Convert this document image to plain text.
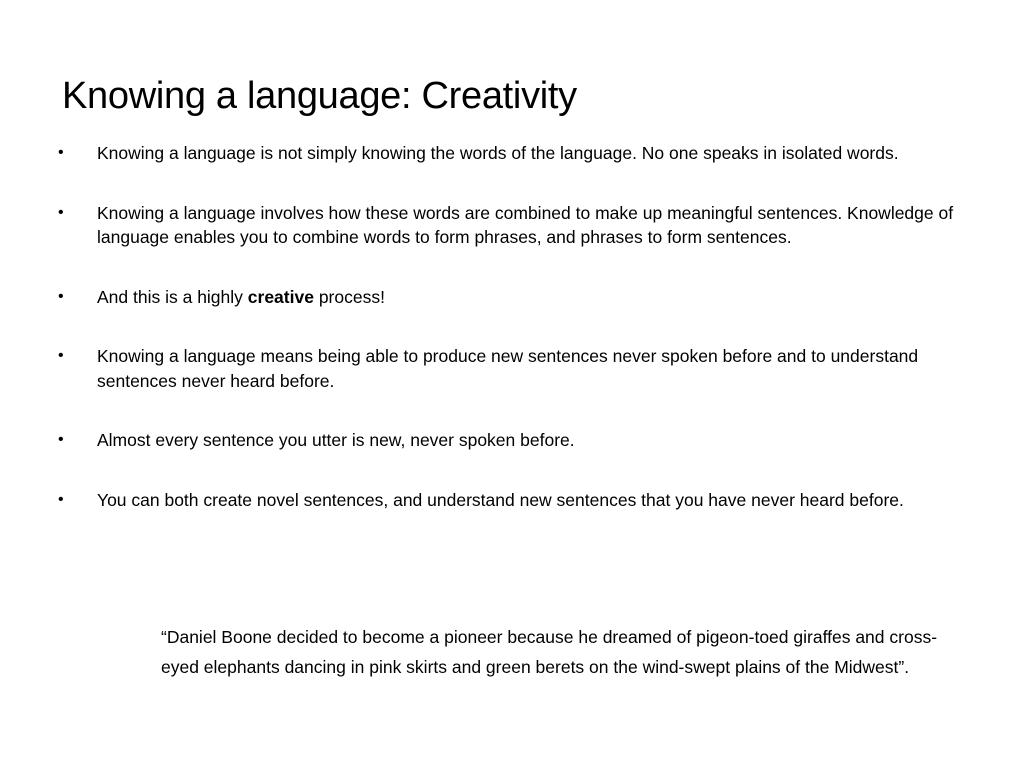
Knowing a language: Creativity
• Knowing a language is not simply knowing the words of the language. No one speaks in isolated words.
• Knowing a language involves how these words are combined to make up meaningful sentences. Knowledge of language enables you to combine words to form phrases, and phrases to form sentences.
• And this is a highly creative process!
• Knowing a language means being able to produce new sentences never spoken before and to understand sentences never heard before.
• Almost every sentence you utter is new, never spoken before.
• You can both create novel sentences, and understand new sentences that you have never heard before.

“Daniel Boone decided to become a pioneer because he dreamed of pigeon-toed giraffes and cross-eyed elephants dancing in pink skirts and green berets on the wind-swept plains of the Midwest”.
